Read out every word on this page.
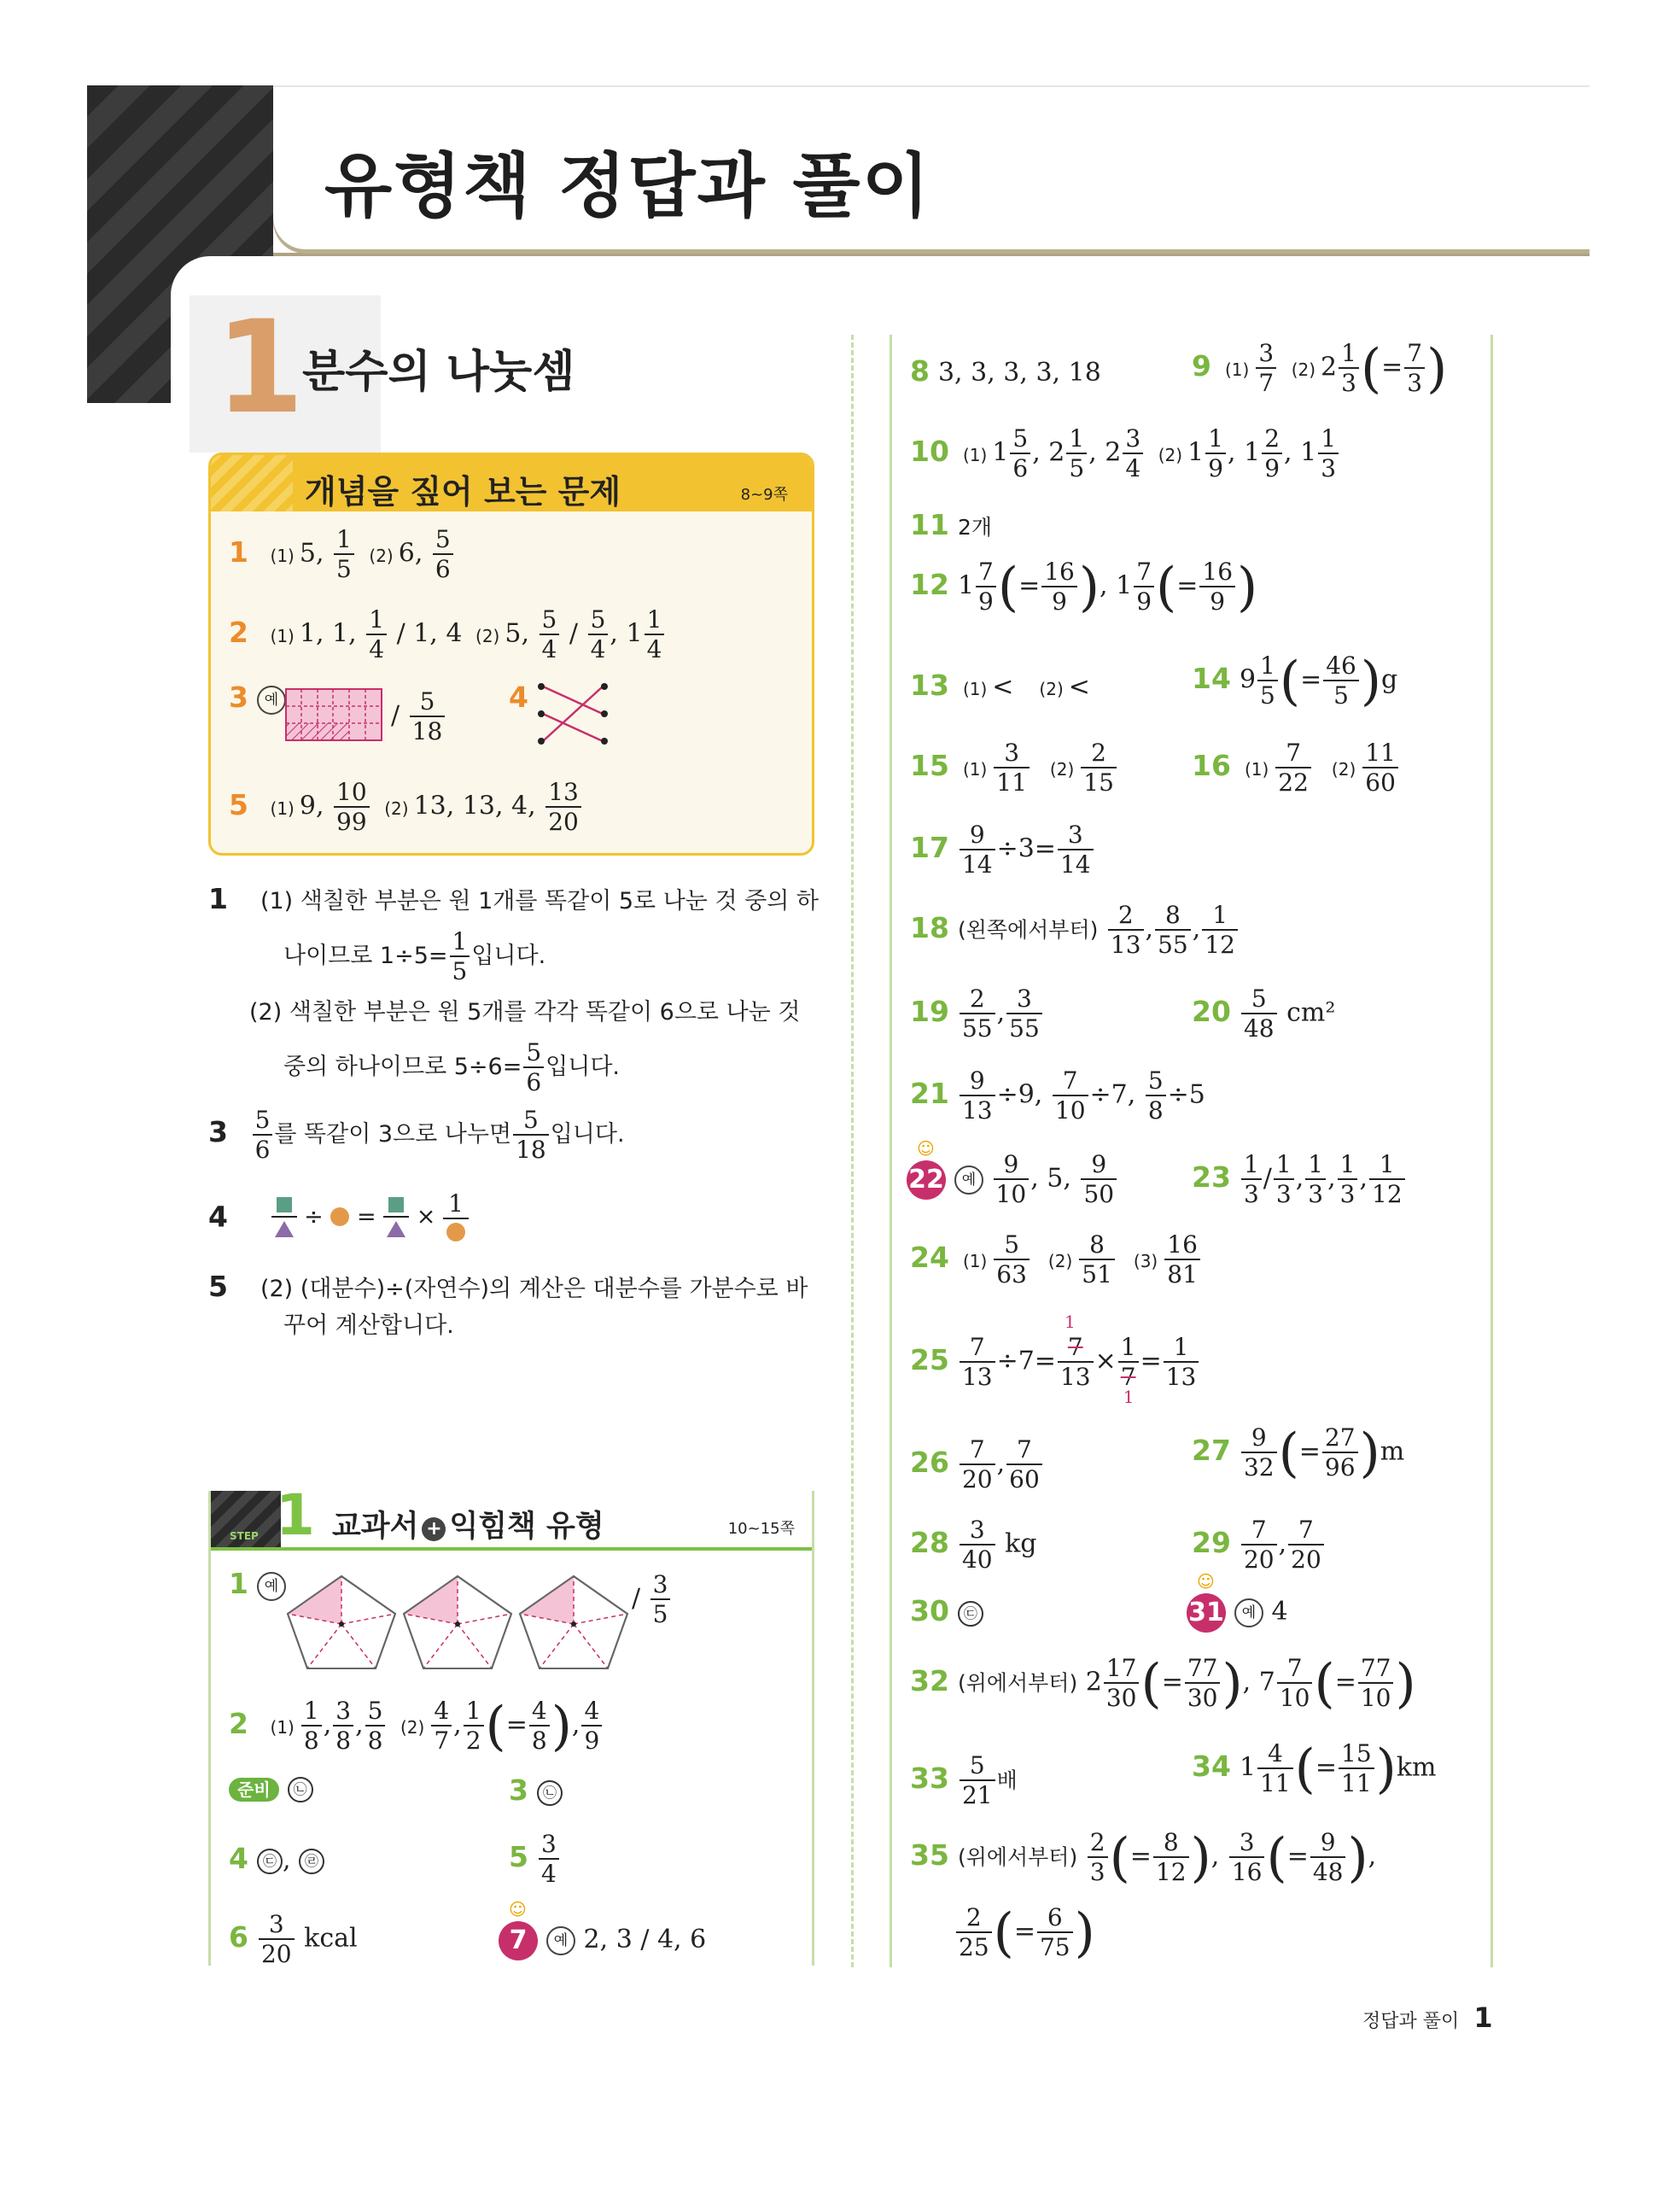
유형책 정답과 풀이
1
분수의 나눗셈
개념을 짚어 보는 문제	8~9쪽
1 (1) 5, $\frac{1}{5} (2)$ 6, $\frac{5}{6}$
2 (1) 1, 1, $\frac{1}{4} / 1$, 4 (2) 5, $\frac{5}{4} / \frac{5}{4}$ , $1 \frac{1}{4}$
3 예
/ $\frac{5}{18} 4$
5 (1) 9, $\frac{10}{99} (2)$ 13, 13, 4, $\frac{13}{20}$
1 (1) 색칠한 부분은 원 1개를 똑같이 5로 나눈 것 중의 하
나이므로 $1\div 5= \frac{1}{5}$ 입니다.
(2) 색칠한 부분은 원 5개를 각각 똑같이 6으로 나눈 것
중의 하나이므로 $5\div 6= \frac{5}{6}$ 입니다.
$3 \frac{5}{6}$ 를 똑같이 3으로 나누면 $\frac{5}{18}$ 입니다.
4	÷ = × 1
5 (2) (대분수)÷(자연수)의 계산은 대분수를 가분수로 바
꾸어 계산합니다.
STEP 1 교과서 + 익힘책 유형	10~15쪽
1 예	/ $\frac{3}{5}$
2 $(1) \frac{1}{8}$ , $\frac{3}{8}$ , $\frac{5}{8} (2) \frac{4}{7}$ , $\frac{1}{2}$ (= $\frac{4}{8}$ ), $\frac{4}{9}$
준비 ㉡	3 ㉡
4 ㉢ , ㉣	$5 \frac{3}{4}$
$6 \frac{3}{20}$ kcal	☺ 7 예 2, 3 / 4, 6
8 3, 3, 3, 3, 18	9 $(1) \frac{3}{7} (2)$ $2 \frac{1}{3}$ (= $\frac{7}{3}$ )
10 (1) $1 \frac{5}{6}$ , $2 \frac{1}{5}$ , $2 \frac{3}{4} (2)$ $1 \frac{1}{9}$ , $1 \frac{2}{9}$ , $1 \frac{1}{3}$
11 2개
12 $1 \frac{7}{9}$ (= $\frac{16}{9}$ ), $1 \frac{7}{9}$ (= $\frac{16}{9}$ )
13 (1) < (2) <	14 $9 \frac{1}{5}$ (= $\frac{46}{5} )g$
15 $(1) \frac{3}{11} (2) \frac{2}{15}$	16 $(1) \frac{7}{22} (2) \frac{11}{60}$
$17 \frac{9}{14} \div 3= \frac{3}{14}$
18 (왼쪽에서부터) $\frac{2}{13}$ , $\frac{8}{55}$ , $\frac{1}{12}$
$19 \frac{2}{55}$ , $\frac{3}{55}$	$20 \frac{5}{48} cm^2$
$21 \frac{9}{13} \div 9$, $\frac{7}{10} \div 7$, $\frac{5}{8} \div 5$
☺ 22 예 $\frac{9}{10}$ , 5, $\frac{9}{50}$	$23 \frac{1}{3} / \frac{1}{3}$ , $\frac{1}{3}$ , $\frac{1}{3}$ , $\frac{1}{12}$
24 $(1) \frac{5}{63} (2) \frac{8}{51} (3) \frac{16}{81}$
$25 \frac{7}{13} \div 7=$
1
7
13
× 1
7
1
= $\frac{1}{13}$
$26 \frac{7}{20}$ , $\frac{7}{60}$	$27 \frac{9}{32}$ (= $\frac{27}{96} )m$
$28 \frac{3}{40}$ kg	$29 \frac{7}{20}$ , $\frac{7}{20}$
30 ㉢	☺ 31 예 4
32 (위에서부터) $2 \frac{17}{30}$ (= $\frac{77}{30}$ ), $7 \frac{7}{10}$ (= $\frac{77}{10}$ )
$33 \frac{5}{21}$ 배	34 $1 \frac{4}{11}$ (= $\frac{15}{11} )km$
35 (위에서부터) $\frac{2}{3}$ (= $\frac{8}{12}$ ), $\frac{3}{16}$ (= $\frac{9}{48}$ ),
$\frac{2}{25}$ (= $\frac{6}{75}$ )
정답과 풀이 1
